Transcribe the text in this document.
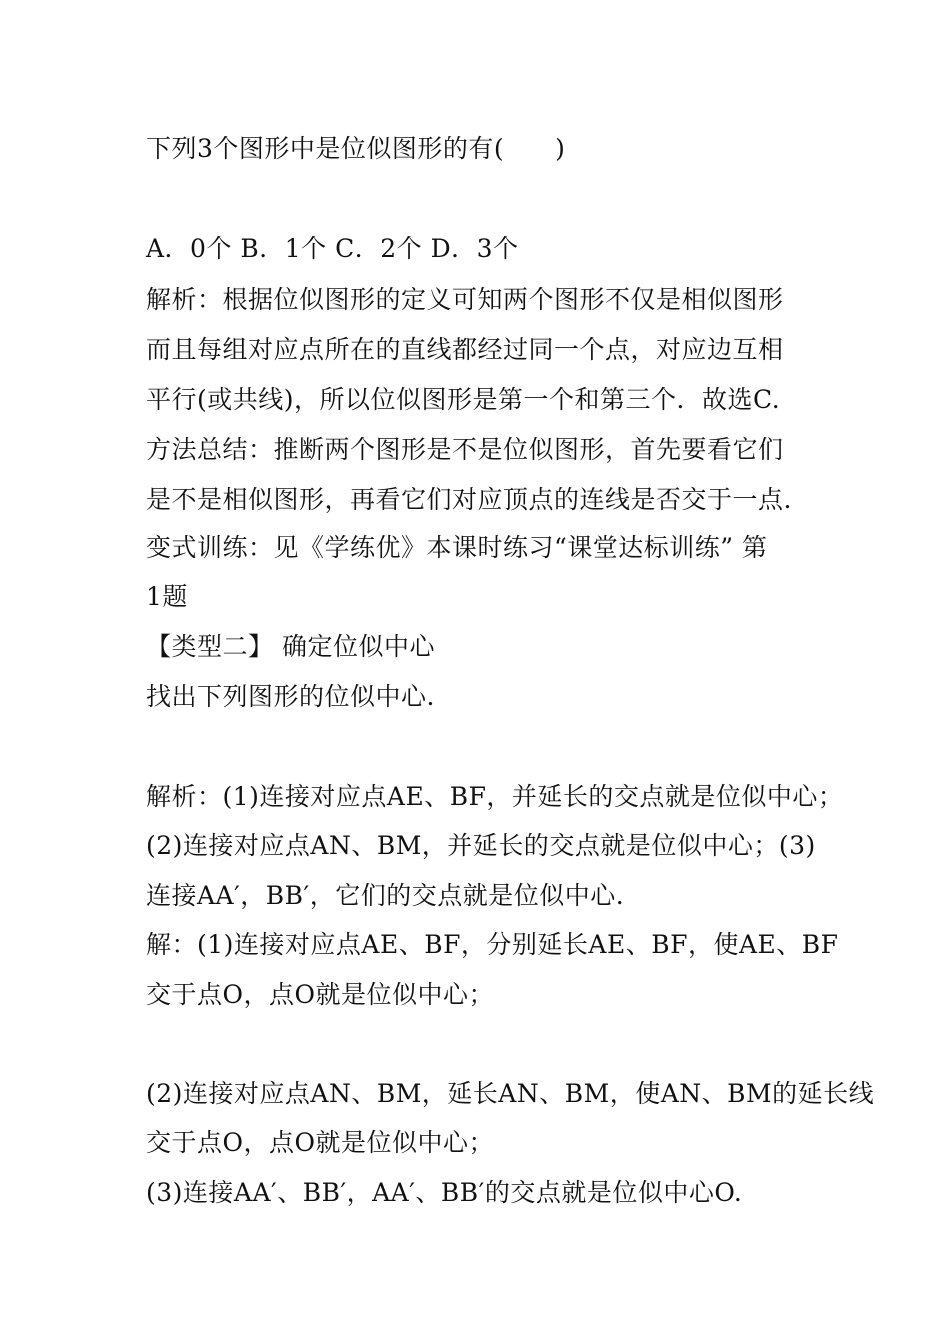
下列3个图形中是位似图形的有(　　)
A．0个 B．1个 C．2个 D．3个
解析：根据位似图形的定义可知两个图形不仅是相似图形
而且每组对应点所在的直线都经过同一个点，对应边互相
平行(或共线)，所以位似图形是第一个和第三个．故选C.
方法总结：推断两个图形是不是位似图形，首先要看它们
是不是相似图形，再看它们对应顶点的连线是否交于一点.
变式训练：见《学练优》本课时练习“课堂达标训练” 第
1题
【类型二】 确定位似中心
找出下列图形的位似中心.
解析：(1)连接对应点AE、BF，并延长的交点就是位似中心；
(2)连接对应点AN、BM，并延长的交点就是位似中心；(3)
连接AA′，BB′，它们的交点就是位似中心.
解：(1)连接对应点AE、BF，分别延长AE、BF，使AE、BF
交于点O，点O就是位似中心；
(2)连接对应点AN、BM，延长AN、BM，使AN、BM的延长线
交于点O，点O就是位似中心；
(3)连接AA′、BB′，AA′、BB′的交点就是位似中心O.
